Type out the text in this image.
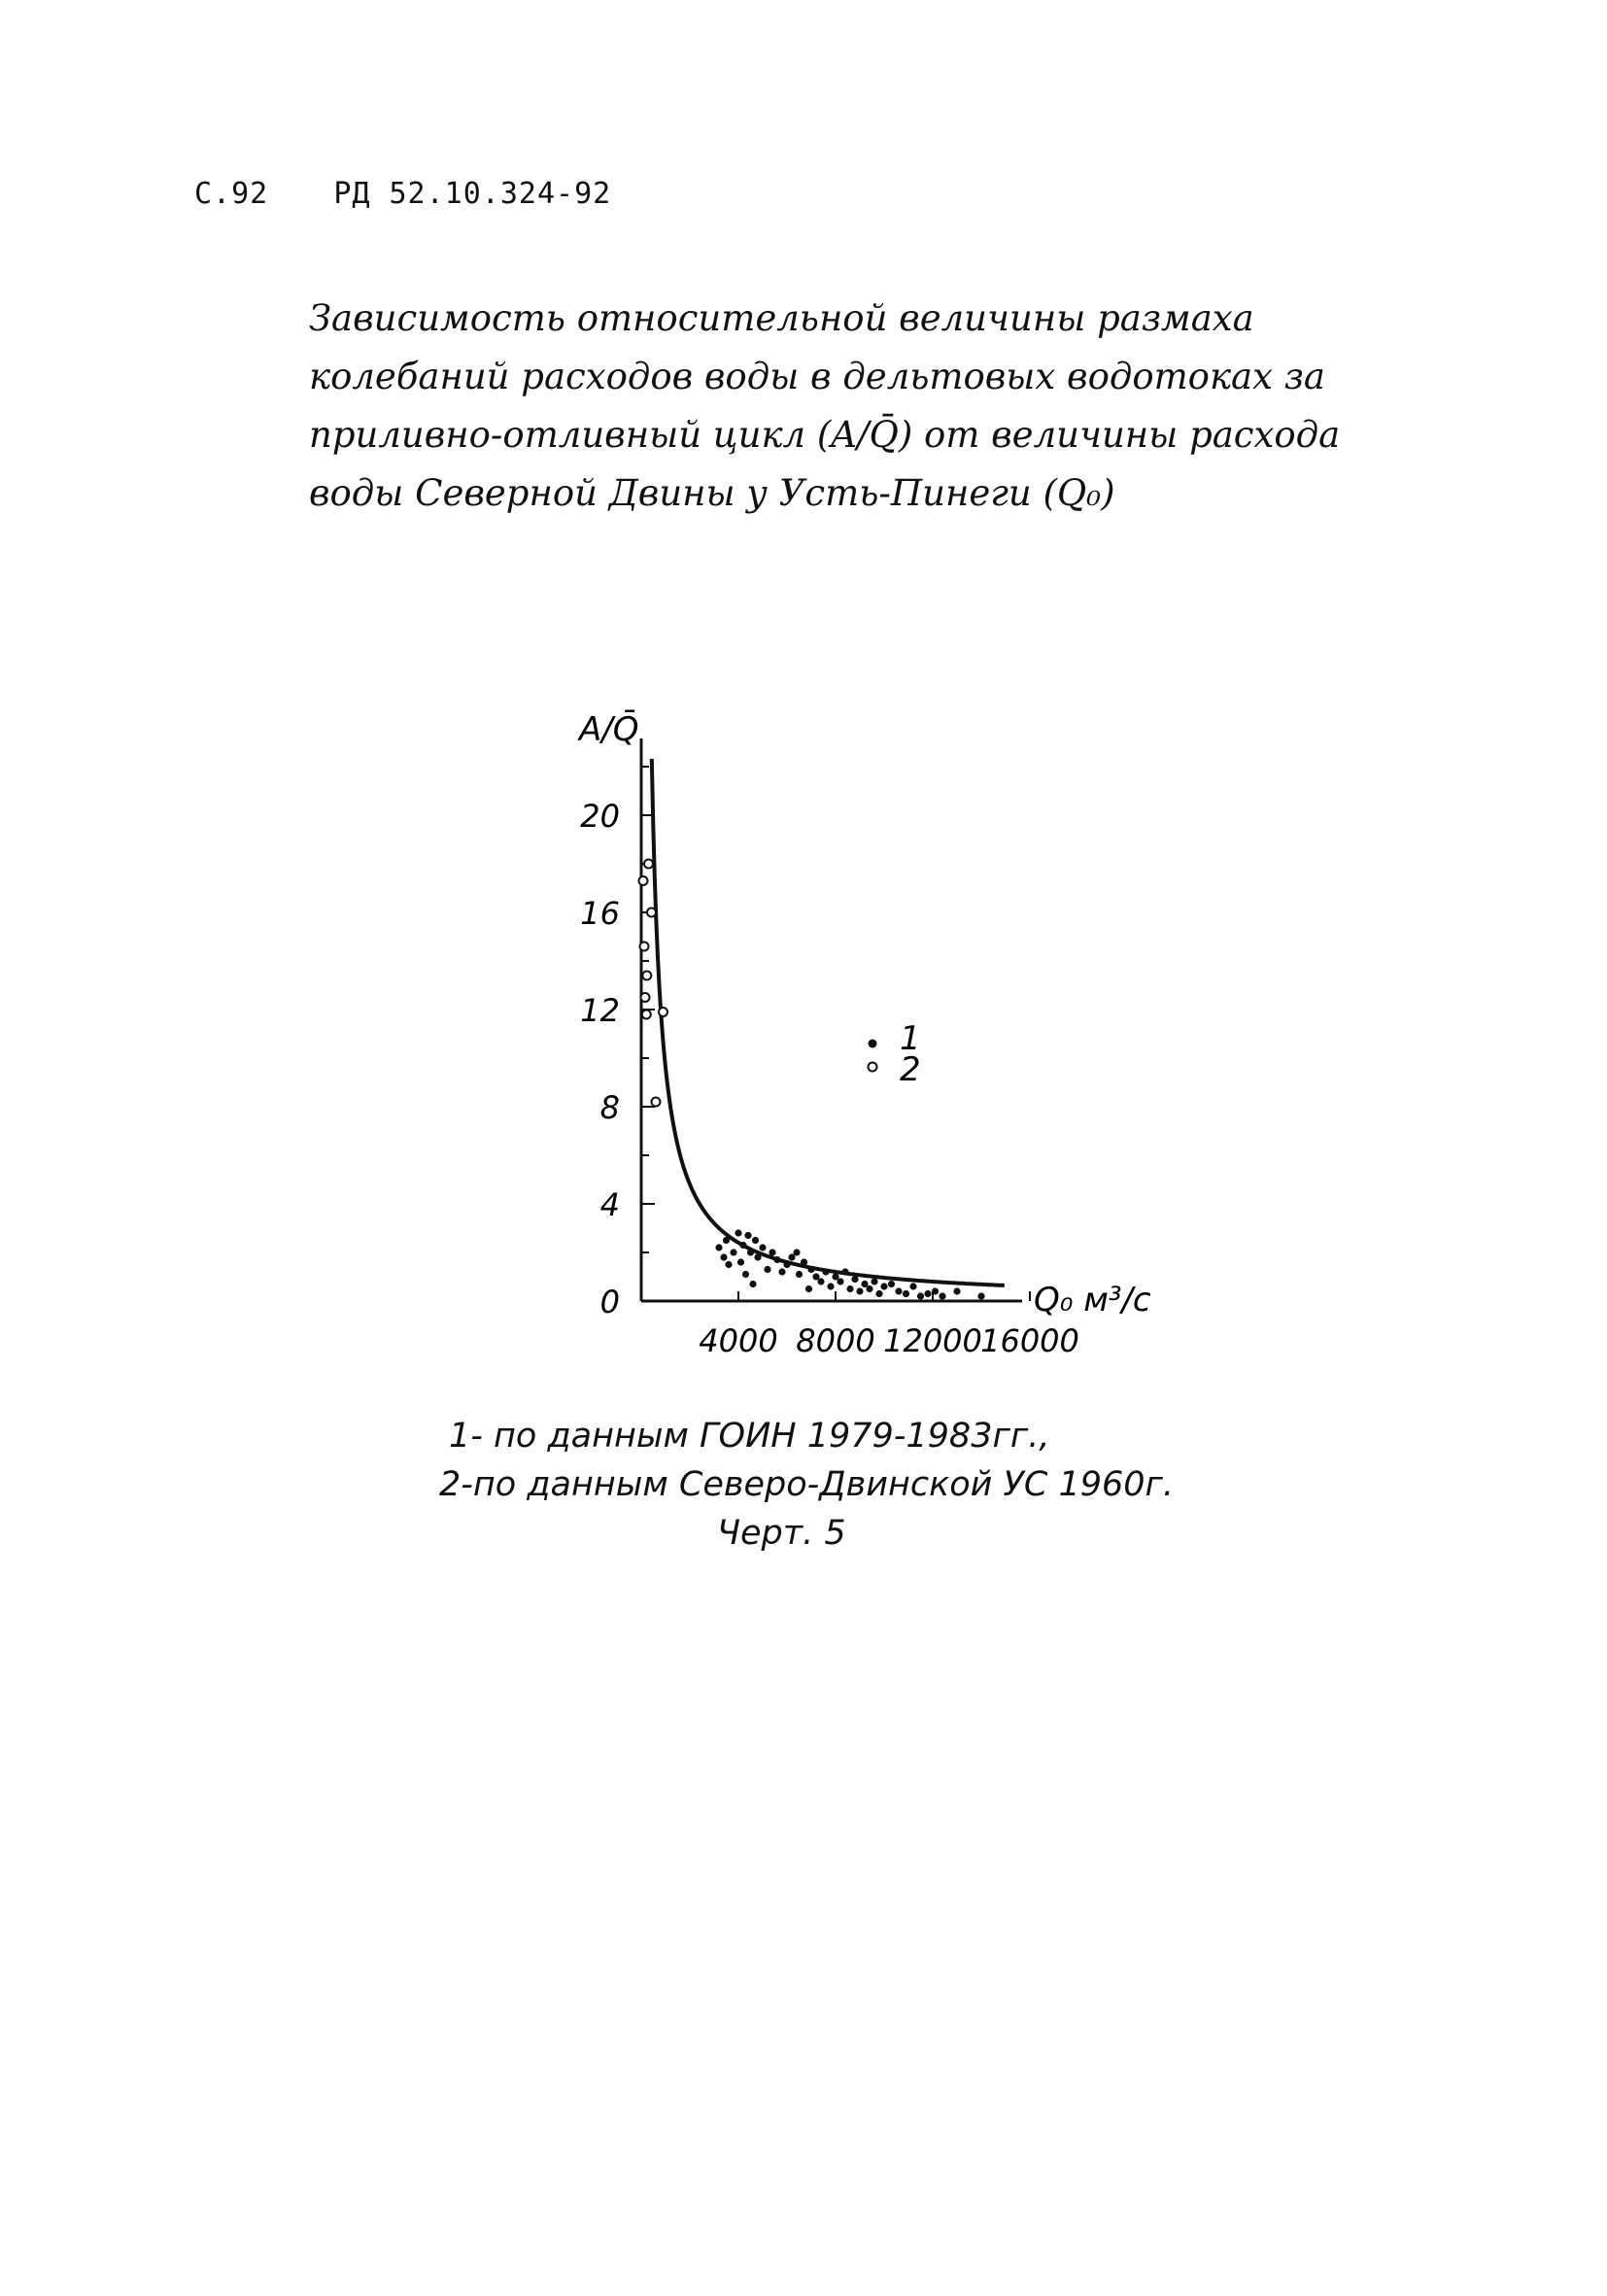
С.92 РД 52.10.324-92
Зависимость относительной величины размаха
колебаний расходов воды в дельтовых водотоках за
приливно-отливный цикл (A/Q̄) от величины расхода
воды Северной Двины у Усть-Пинеги (Q₀)
A/Q̄
Q₀ м³/с
0
4
8
12
16
20
4000 8000 12000
16000
1
2
1- по данным ГОИН 1979-1983гг.,
2-по данным Северо-Двинской УС 1960г.
Черт. 5
